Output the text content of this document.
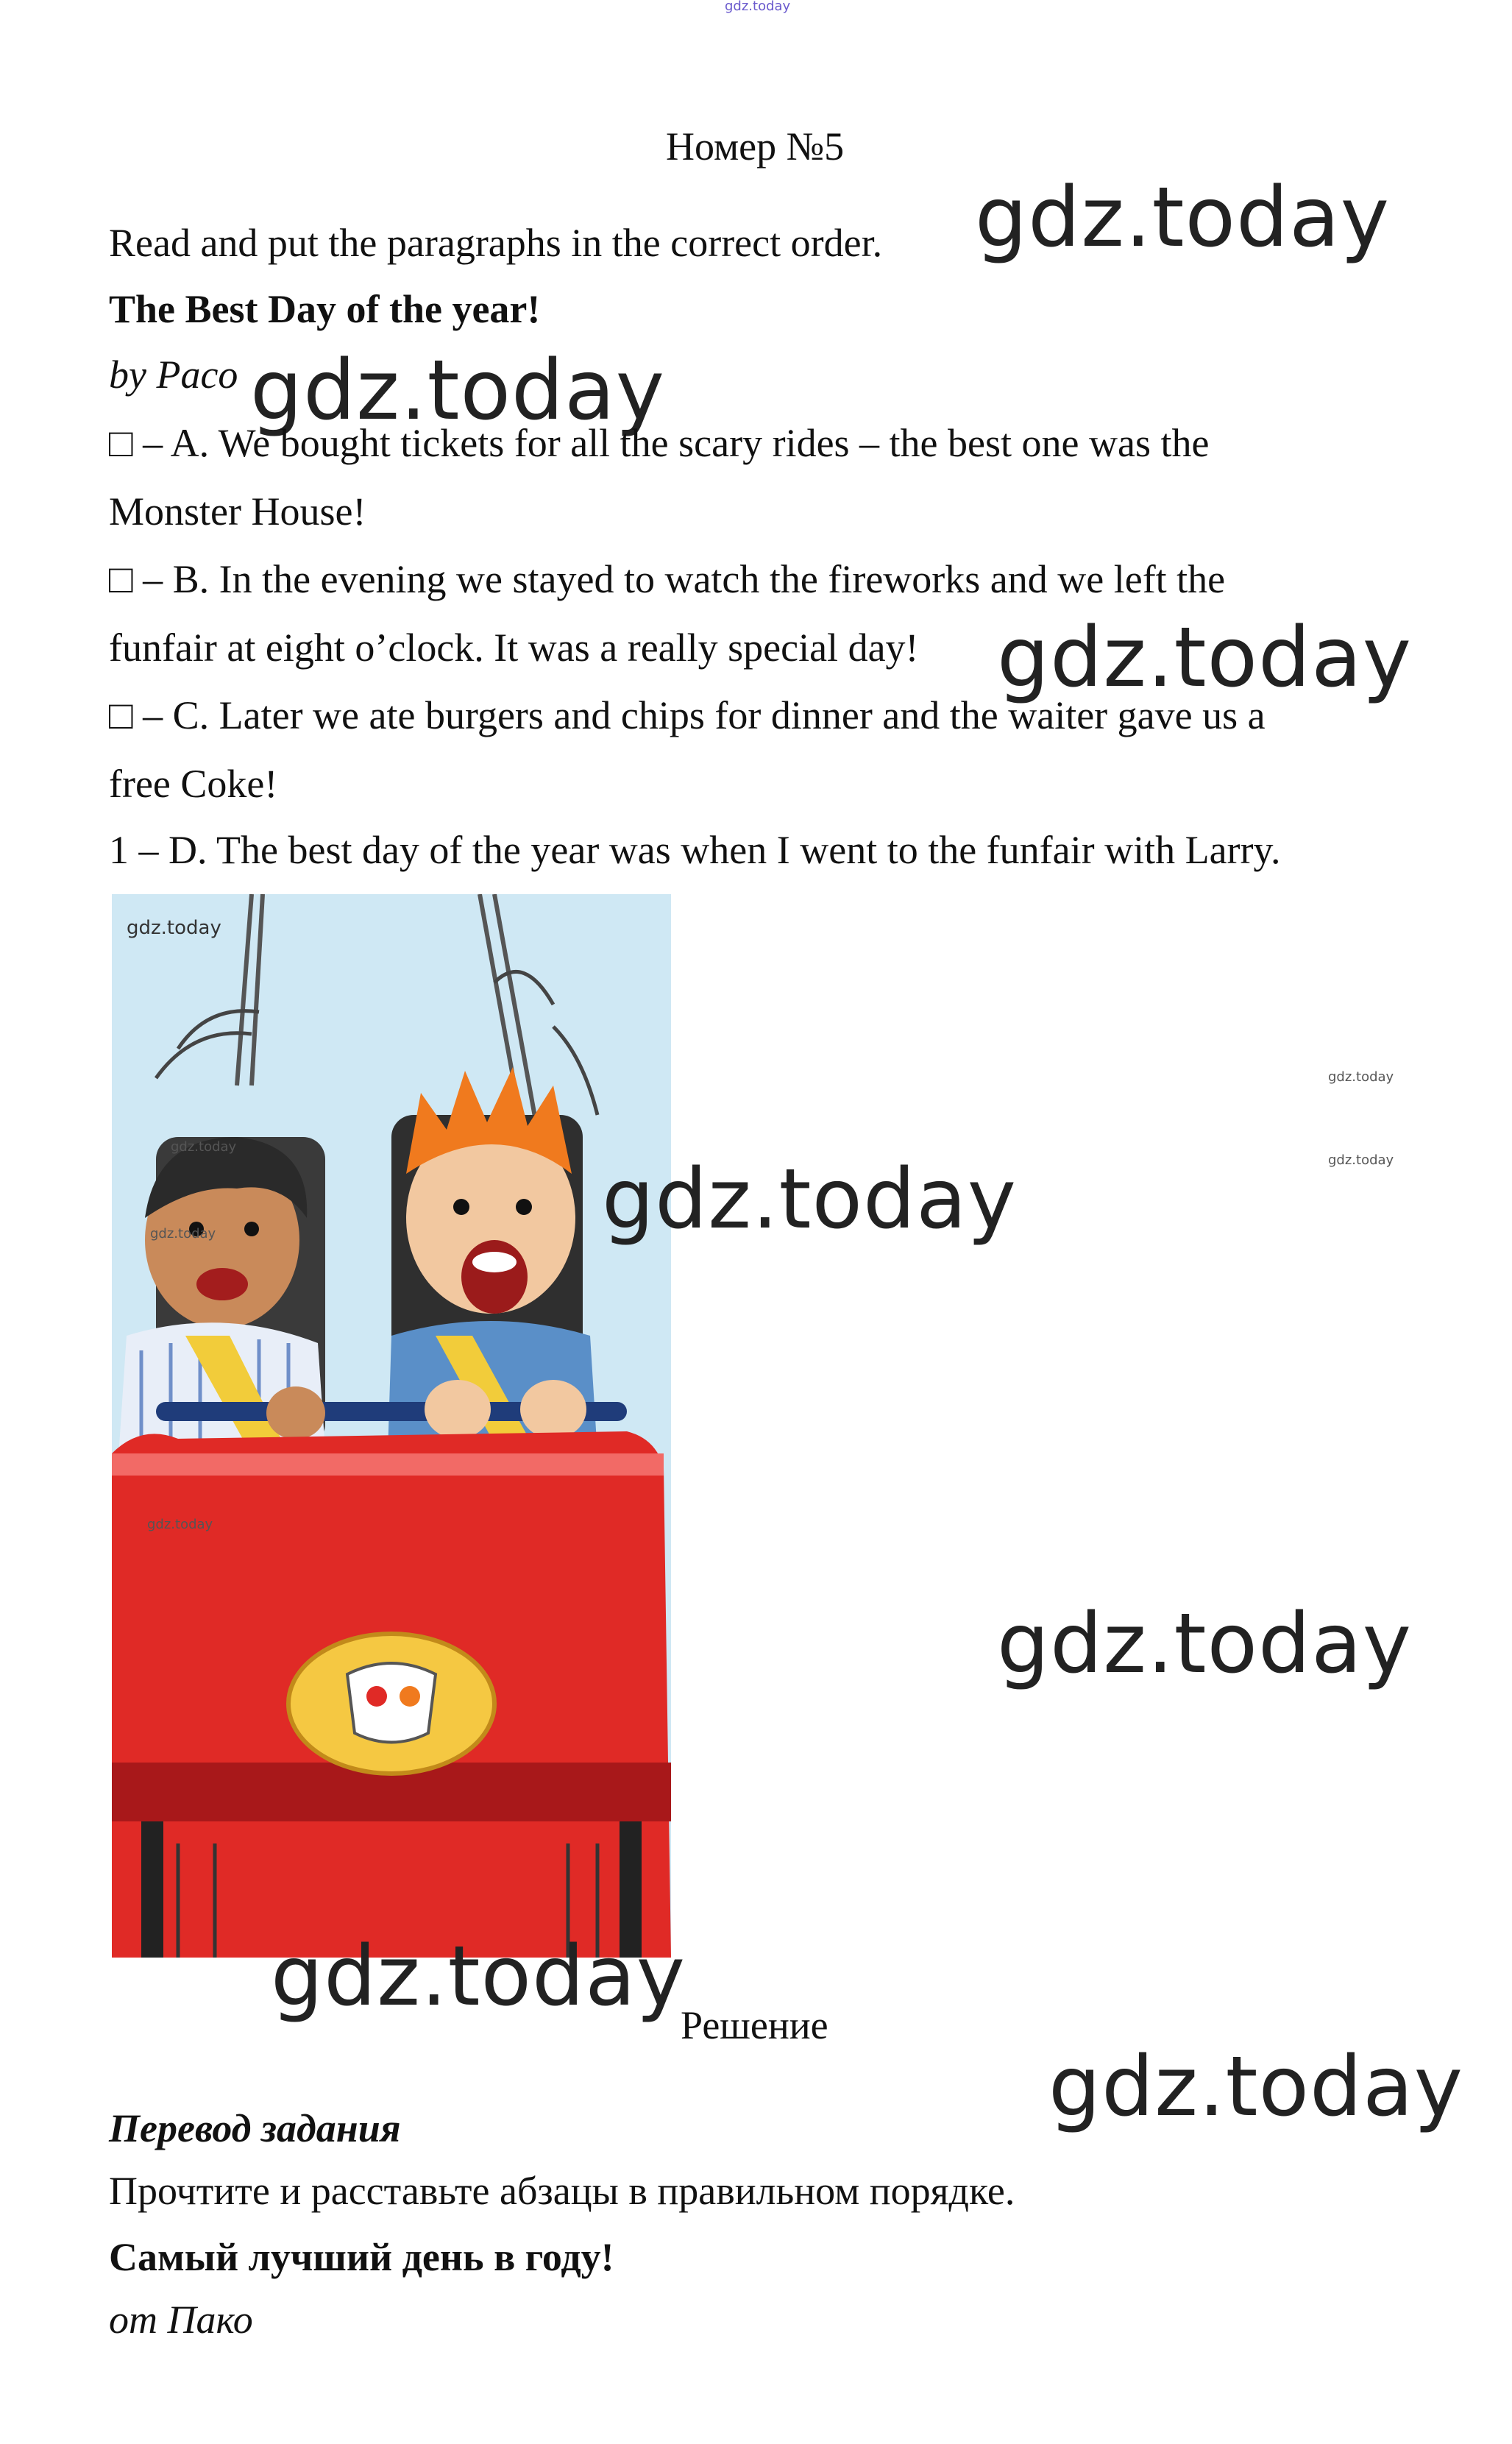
gdz.today
Номер №5
Read and put the paragraphs in the correct order. gdz.today
The Best Day of the year!
by Paco gdz.today
□ – A. We bought tickets for all the scary rides – the best one was the
Monster House!
□ – B. In the evening we stayed to watch the fireworks and we left the
funfair at eight o’clock. It was a really special day! gdz.today
□ – C. Later we ate burgers and chips for dinner and the waiter gave us a
free Coke!
1 – D. The best day of the year was when I went to the funfair with Larry.
gdz.today
gdz.today
gdz.today
gdz.today
gdz.today
gdz.today
gdz.today
gdz.today
gdz.today
gdz.today
Решение
Перевод задания
Прочтите и расставьте абзацы в правильном порядке.
Самый лучший день в году!
от Пако
